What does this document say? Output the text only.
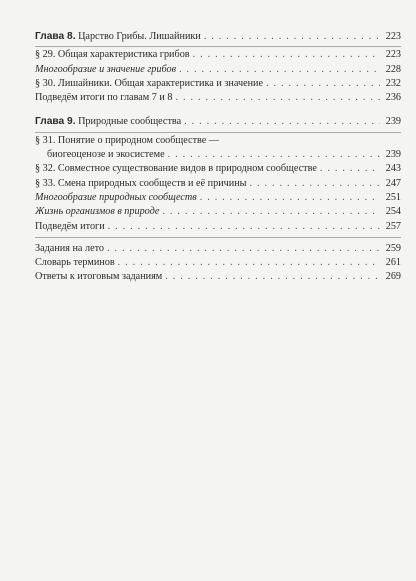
Глава 8. Царство Грибы. Лишайники . . .	223
§ 29. Общая характеристика грибов . . .	223
Многообразие и значение грибов . . .	228
§ 30. Лишайники. Общая характеристика и значение . . .	232
Подведём итоги по главам 7 и 8 . . .	236
Глава 9. Природные сообщества . . .	239
§ 31. Понятие о природном сообществе —
биогеоценозе и экосистеме . . .	239
§ 32. Совместное существование видов в природном сообществе . . .	243
§ 33. Смена природных сообществ и её причины . . .	247
Многообразие природных сообществ . . .	251
Жизнь организмов в природе . . .	254
Подведём итоги . . .	257
Задания на лето . . .	259
Словарь терминов . . .	261
Ответы к итоговым заданиям . . .	269
